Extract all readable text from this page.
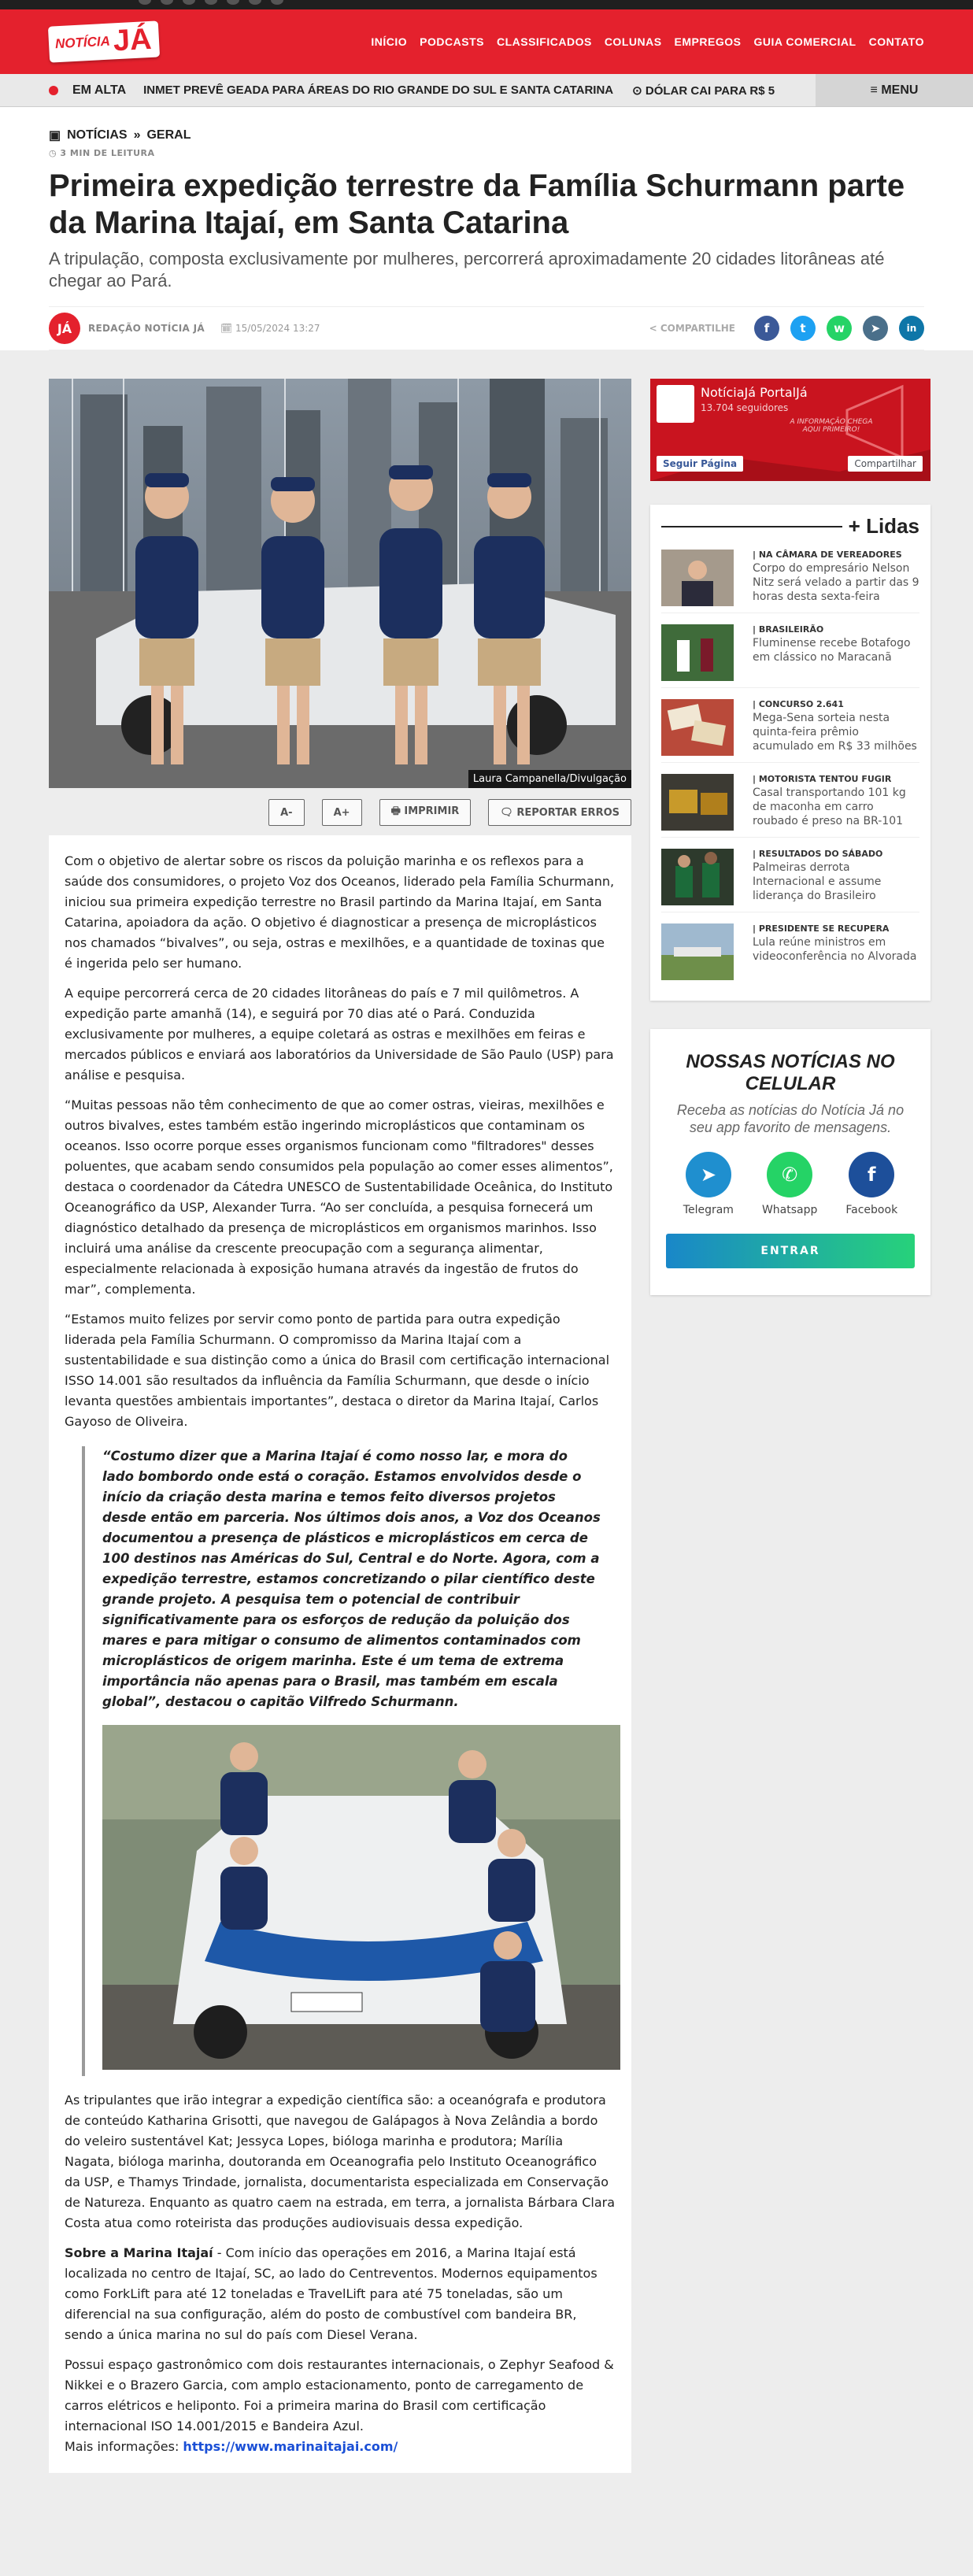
NOTÍCIA JÁ	INÍCIO PODCASTS CLASSIFICADOS COLUNAS EMPREGOS GUIA COMERCIAL CONTATO
EM ALTA INMET PREVÊ GEADA PARA ÁREAS DO RIO GRANDE DO SUL E SANTA CATARINA ⊙ DÓLAR CAI PARA R$ 5	≡ MENU
▣ NOTÍCIAS » GERAL
◷ 3 MIN DE LEITURA
Primeira expedição terrestre da Família Schurmann parte da Marina Itajaí, em Santa Catarina
A tripulação, composta exclusivamente por mulheres, percorrerá aproximadamente 20 cidades litorâneas até chegar ao Pará.
JÁ	REDAÇÃO NOTÍCIA JÁ 🗓 15/05/2024 13:27	< COMPARTILHE	f	t	w	➤	in
Laura Campanella/Divulgação
A-	A+	🖶 IMPRIMIR	🗨 REPORTAR ERROS

Com o objetivo de alertar sobre os riscos da poluição marinha e os reflexos para a saúde dos consumidores, o projeto Voz dos Oceanos, liderado pela Família Schurmann, iniciou sua primeira expedição terrestre no Brasil partindo da Marina Itajaí, em Santa Catarina, apoiadora da ação. O objetivo é diagnosticar a presença de microplásticos nos chamados “bivalves”, ou seja, ostras e mexilhões, e a quantidade de toxinas que é ingerida pelo ser humano.

A equipe percorrerá cerca de 20 cidades litorâneas do país e 7 mil quilômetros. A expedição parte amanhã (14), e seguirá por 70 dias até o Pará. Conduzida exclusivamente por mulheres, a equipe coletará as ostras e mexilhões em feiras e mercados públicos e enviará aos laboratórios da Universidade de São Paulo (USP) para análise e pesquisa.

“Muitas pessoas não têm conhecimento de que ao comer ostras, vieiras, mexilhões e outros bivalves, estes também estão ingerindo microplásticos que contaminam os oceanos. Isso ocorre porque esses organismos funcionam como "filtradores" desses poluentes, que acabam sendo consumidos pela população ao comer esses alimentos”, destaca o coordenador da Cátedra UNESCO de Sustentabilidade Oceânica, do Instituto Oceanográfico da USP, Alexander Turra. “Ao ser concluída, a pesquisa fornecerá um diagnóstico detalhado da presença de microplásticos em organismos marinhos. Isso incluirá uma análise da crescente preocupação com a segurança alimentar, especialmente relacionada à exposição humana através da ingestão de frutos do mar”, complementa.

“Estamos muito felizes por servir como ponto de partida para outra expedição liderada pela Família Schurmann. O compromisso da Marina Itajaí com a sustentabilidade e sua distinção como a única do Brasil com certificação internacional ISSO 14.001 são resultados da influência da Família Schurmann, que desde o início levanta questões ambientais importantes”, destaca o diretor da Marina Itajaí, Carlos Gayoso de Oliveira.

“Costumo dizer que a Marina Itajaí é como nosso lar, e mora do lado bombordo onde está o coração. Estamos envolvidos desde o início da criação desta marina e temos feito diversos projetos desde então em parceria. Nos últimos dois anos, a Voz dos Oceanos documentou a presença de plásticos e microplásticos em cerca de 100 destinos nas Américas do Sul, Central e do Norte. Agora, com a expedição terrestre, estamos concretizando o pilar científico deste grande projeto. A pesquisa tem o potencial de contribuir significativamente para os esforços de redução da poluição dos mares e para mitigar o consumo de alimentos contaminados com microplásticos de origem marinha. Este é um tema de extrema importância não apenas para o Brasil, mas também em escala global”, destacou o capitão Vilfredo Schurmann.

As tripulantes que irão integrar a expedição científica são: a oceanógrafa e produtora de conteúdo Katharina Grisotti, que navegou de Galápagos à Nova Zelândia a bordo do veleiro sustentável Kat; Jessyca Lopes, bióloga marinha e produtora; Marília Nagata, bióloga marinha, doutoranda em Oceanografia pelo Instituto Oceanográfico da USP, e Thamys Trindade, jornalista, documentarista especializada em Conservação de Natureza. Enquanto as quatro caem na estrada, em terra, a jornalista Bárbara Clara Costa atua como roteirista das produções audiovisuais dessa expedição.

Sobre a Marina Itajaí - Com início das operações em 2016, a Marina Itajaí está localizada no centro de Itajaí, SC, ao lado do Centreventos. Modernos equipamentos como ForkLift para até 12 toneladas e TravelLift para até 75 toneladas, são um diferencial na sua configuração, além do posto de combustível com bandeira BR, sendo a única marina no sul do país com Diesel Verana.

Possui espaço gastronômico com dois restaurantes internacionais, o Zephyr Seafood & Nikkei e o Brazero Garcia, com amplo estacionamento, ponto de carregamento de carros elétricos e heliponto. Foi a primeira marina do Brasil com certificação internacional ISO 14.001/2015 e Bandeira Azul.
Mais informações: https://www.marinaitajai.com/

NotíciaJá PortalJá
13.704 seguidores
A INFORMAÇÃO CHEGA AQUI PRIMEIRO!
Seguir Página	Compartilhar
+ Lidas
| NA CÂMARA DE VEREADORES
Corpo do empresário Nelson Nitz será velado a partir das 9 horas desta sexta-feira
| BRASILEIRÃO
Fluminense recebe Botafogo em clássico no Maracanã
| CONCURSO 2.641
Mega-Sena sorteia nesta quinta-feira prêmio acumulado em R$ 33 milhões
| MOTORISTA TENTOU FUGIR
Casal transportando 101 kg de maconha em carro roubado é preso na BR-101
| RESULTADOS DO SÁBADO
Palmeiras derrota Internacional e assume liderança do Brasileiro
| PRESIDENTE SE RECUPERA
Lula reúne ministros em videoconferência no Alvorada
NOSSAS NOTÍCIAS NO CELULAR
Receba as notícias do Notícia Já no seu app favorito de mensagens.
➤
Telegram
✆
Whatsapp
f
Facebook
ENTRAR
